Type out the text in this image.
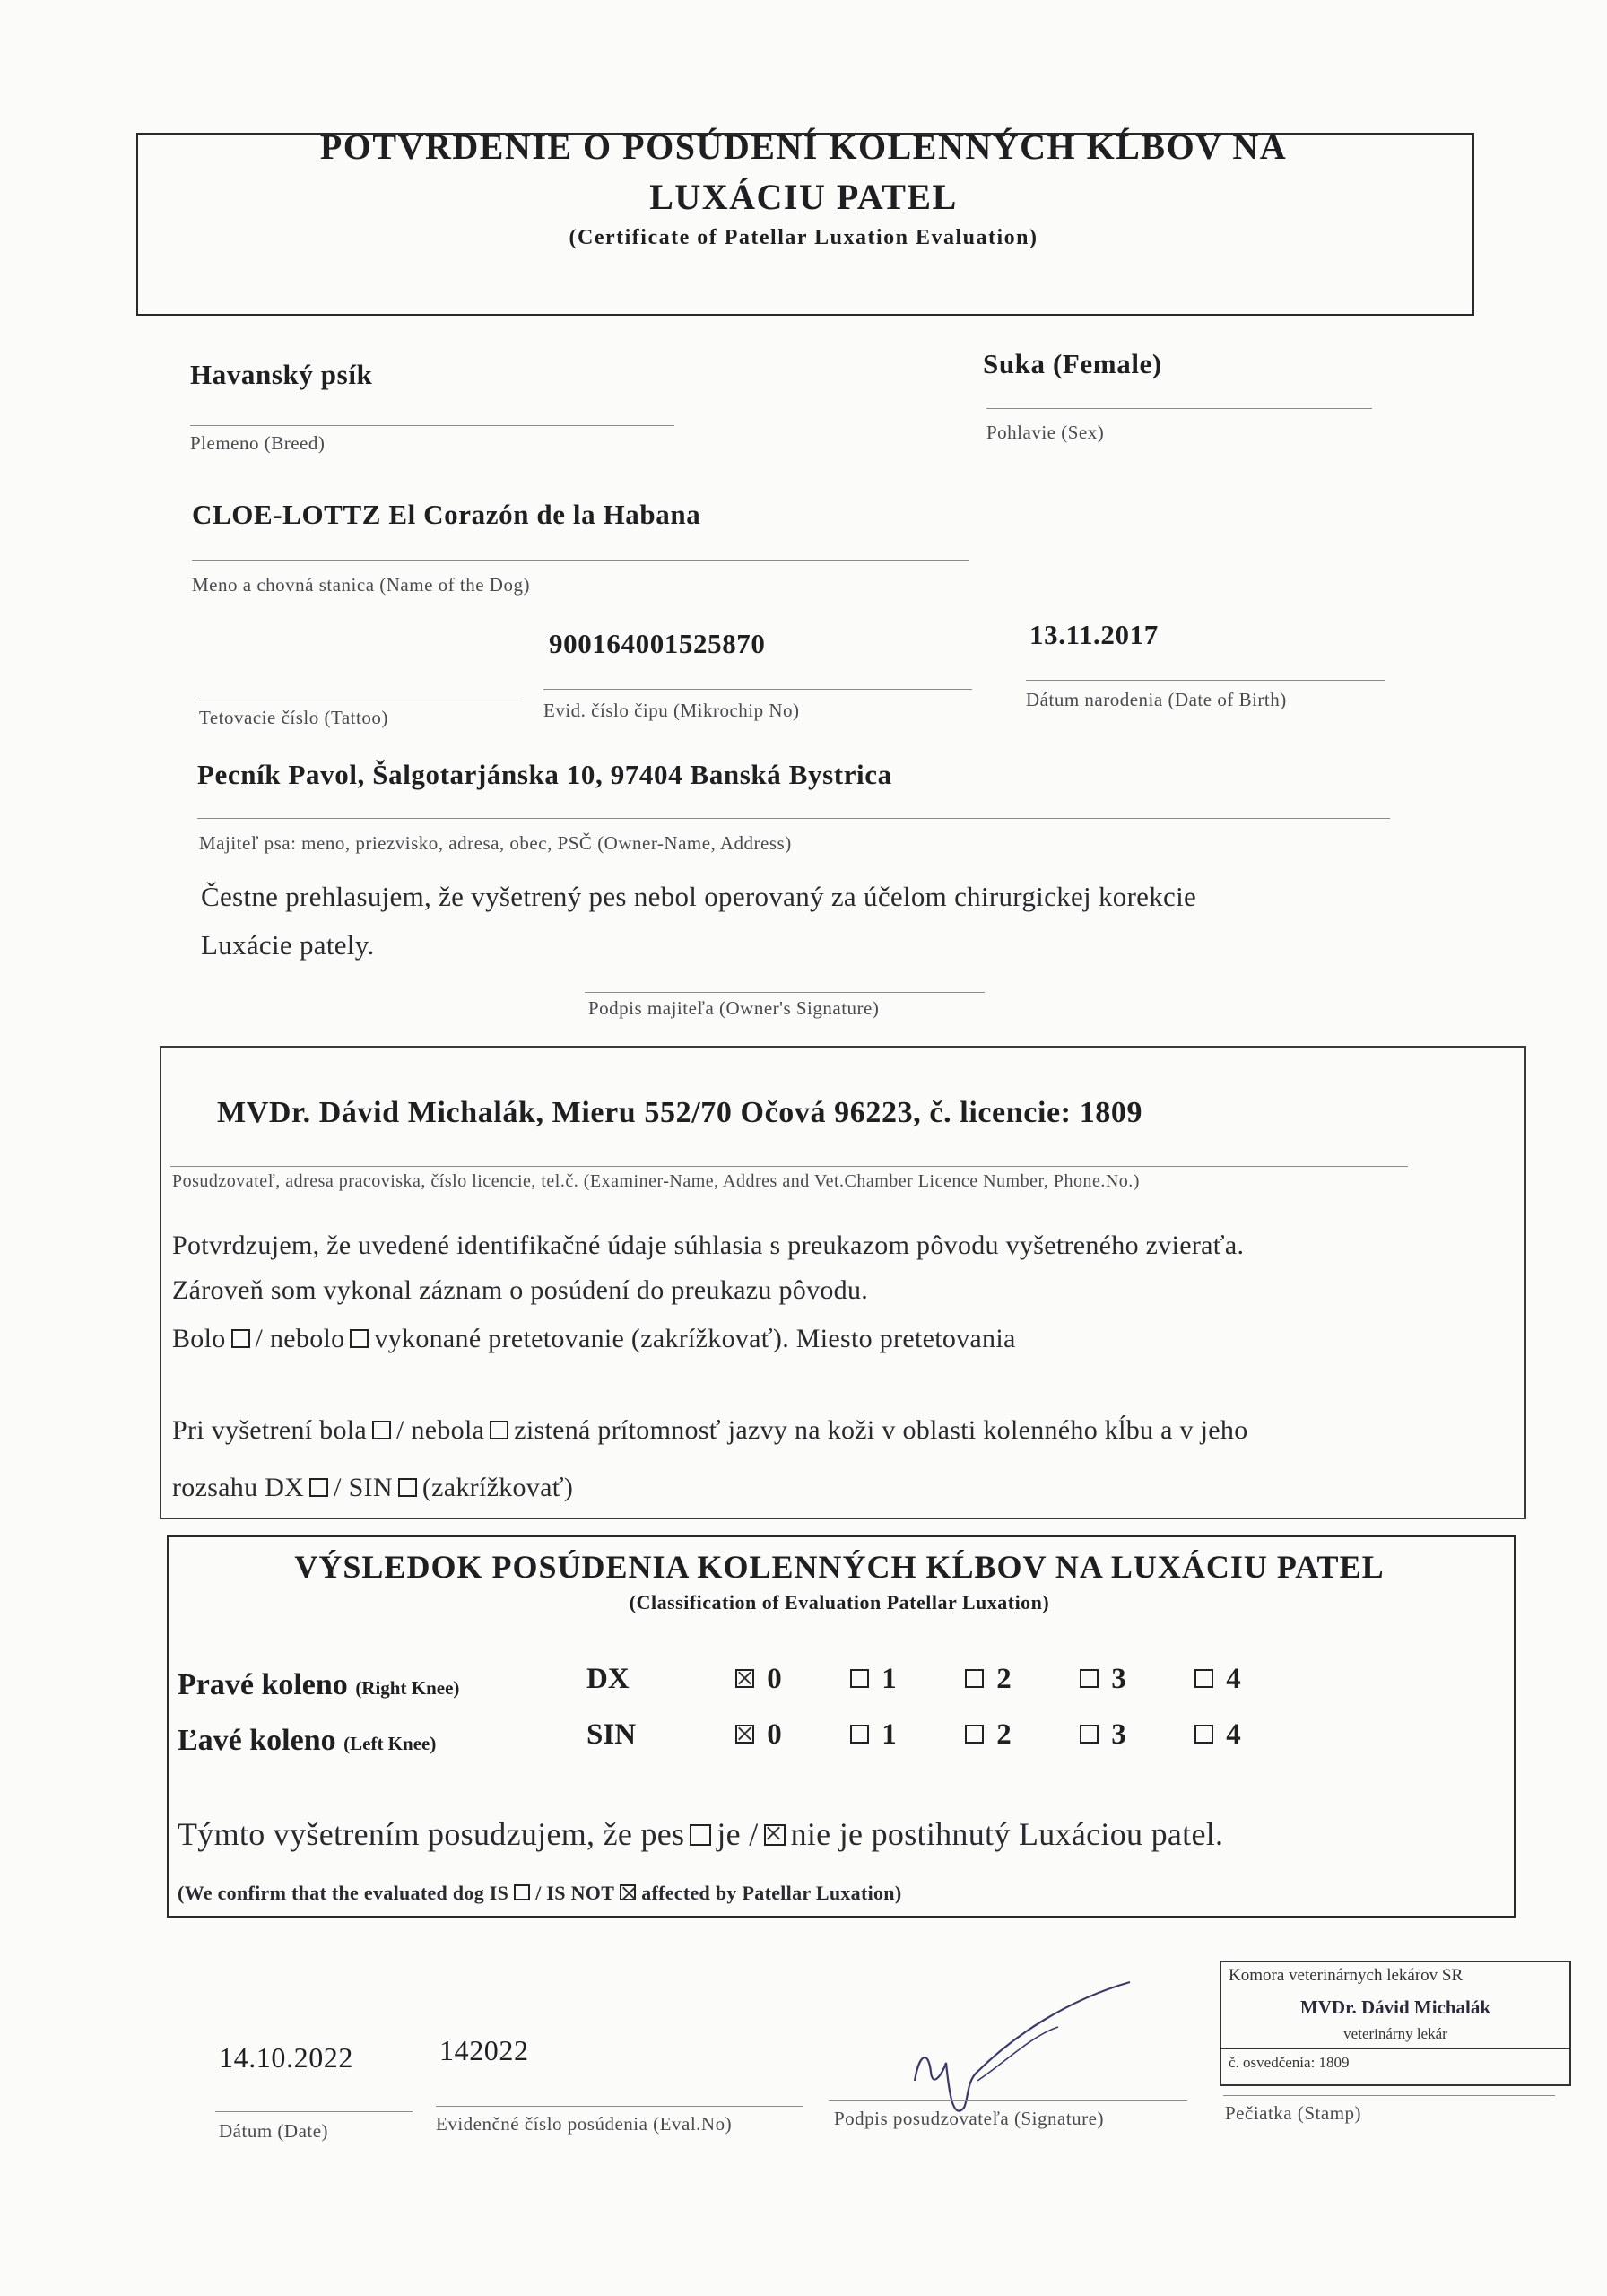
POTVRDENIE O POSÚDENÍ KOLENNÝCH KĹBOV NA
LUXÁCIU PATEL
(Certificate of Patellar Luxation Evaluation)
Havanský psík
Plemeno (Breed)
Suka (Female)
Pohlavie (Sex)
CLOE-LOTTZ El Corazón de la Habana
Meno a chovná stanica (Name of the Dog)
Tetovacie číslo (Tattoo)
900164001525870
Evid. číslo čipu (Mikrochip No)
13.11.2017
Dátum narodenia (Date of Birth)
Pecník Pavol, Šalgotarjánska 10, 97404 Banská Bystrica
Majiteľ psa: meno, priezvisko, adresa, obec, PSČ (Owner-Name, Address)
Čestne prehlasujem, že vyšetrený pes nebol operovaný za účelom chirurgickej korekcie
Luxácie pately.
Podpis majiteľa (Owner's Signature)
MVDr. Dávid Michalák, Mieru 552/70 Očová 96223, č. licencie: 1809
Posudzovateľ, adresa pracoviska, číslo licencie, tel.č. (Examiner-Name, Addres and Vet.Chamber Licence Number, Phone.No.)
Potvrdzujem, že uvedené identifikačné údaje súhlasia s preukazom pôvodu vyšetreného zvieraťa.
Zároveň som vykonal záznam o posúdení do preukazu pôvodu.
Bolo / nebolo vykonané pretetovanie (zakrížkovať). Miesto pretetovania
Pri vyšetrení bola / nebola zistená prítomnosť jazvy na koži v oblasti kolenného kĺbu a v jeho
rozsahu DX / SIN (zakrížkovať)
VÝSLEDOK POSÚDENIA KOLENNÝCH KĹBOV NA LUXÁCIU PATEL
(Classification of Evaluation Patellar Luxation)
Pravé koleno (Right Knee)	DX	0	1	2	3	4
Ľavé koleno (Left Knee)	SIN	0	1	2	3	4
Týmto vyšetrením posudzujem, že pes je / nie je postihnutý Luxáciou patel.
(We confirm that the evaluated dog IS / IS NOT affected by Patellar Luxation)
14.10.2022
Dátum (Date)
142022
Evidenčné číslo posúdenia (Eval.No)	Podpis posudzovateľa (Signature)
Komora veterinárnych lekárov SR
MVDr. Dávid Michalák
veterinárny lekár
č. osvedčenia: 1809
Pečiatka (Stamp)
